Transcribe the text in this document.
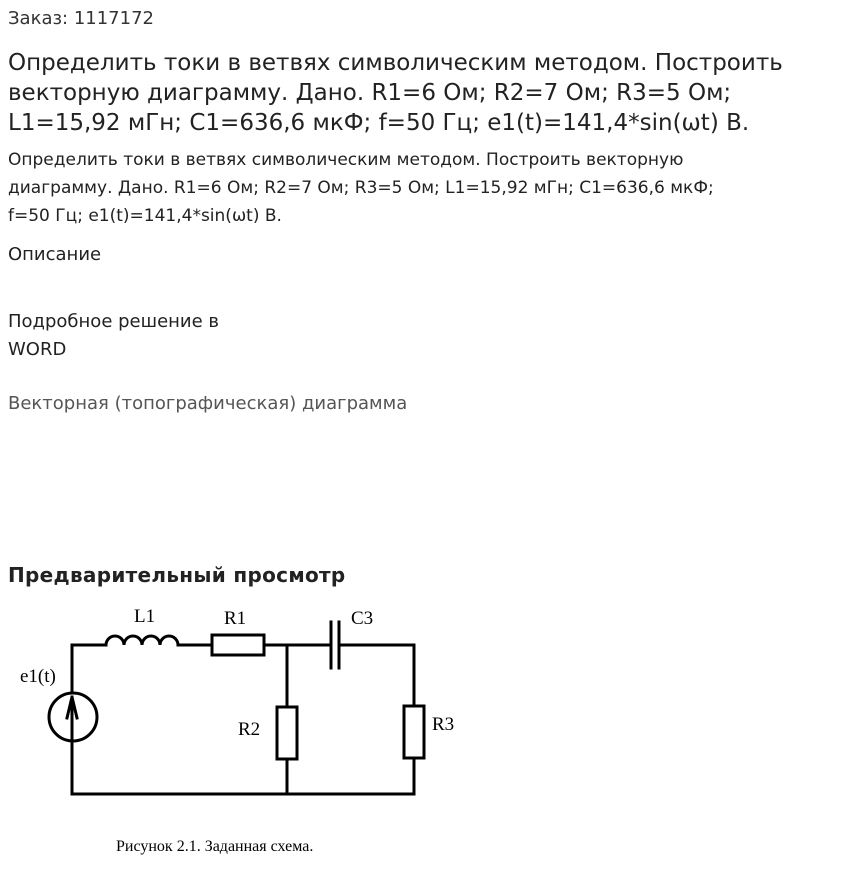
Заказ: 1117172
Определить токи в ветвях символическим методом. Построить
векторную диаграмму. Дано. R1=6 Ом; R2=7 Ом; R3=5 Ом;
L1=15,92 мГн; C1=636,6 мкФ; f=50 Гц; e1(t)=141,4*sin(ωt) В.
Определить токи в ветвях символическим методом. Построить векторную
диаграмму. Дано. R1=6 Ом; R2=7 Ом; R3=5 Ом; L1=15,92 мГн; C1=636,6 мкФ;
f=50 Гц; e1(t)=141,4*sin(ωt) В.
Описание
Подробное решение в
WORD
Векторная (топографическая) диаграмма
Предварительный просмотр
L1	R1	C3
e1(t)
R2	R3
Рисунок 2.1. Заданная схема.
